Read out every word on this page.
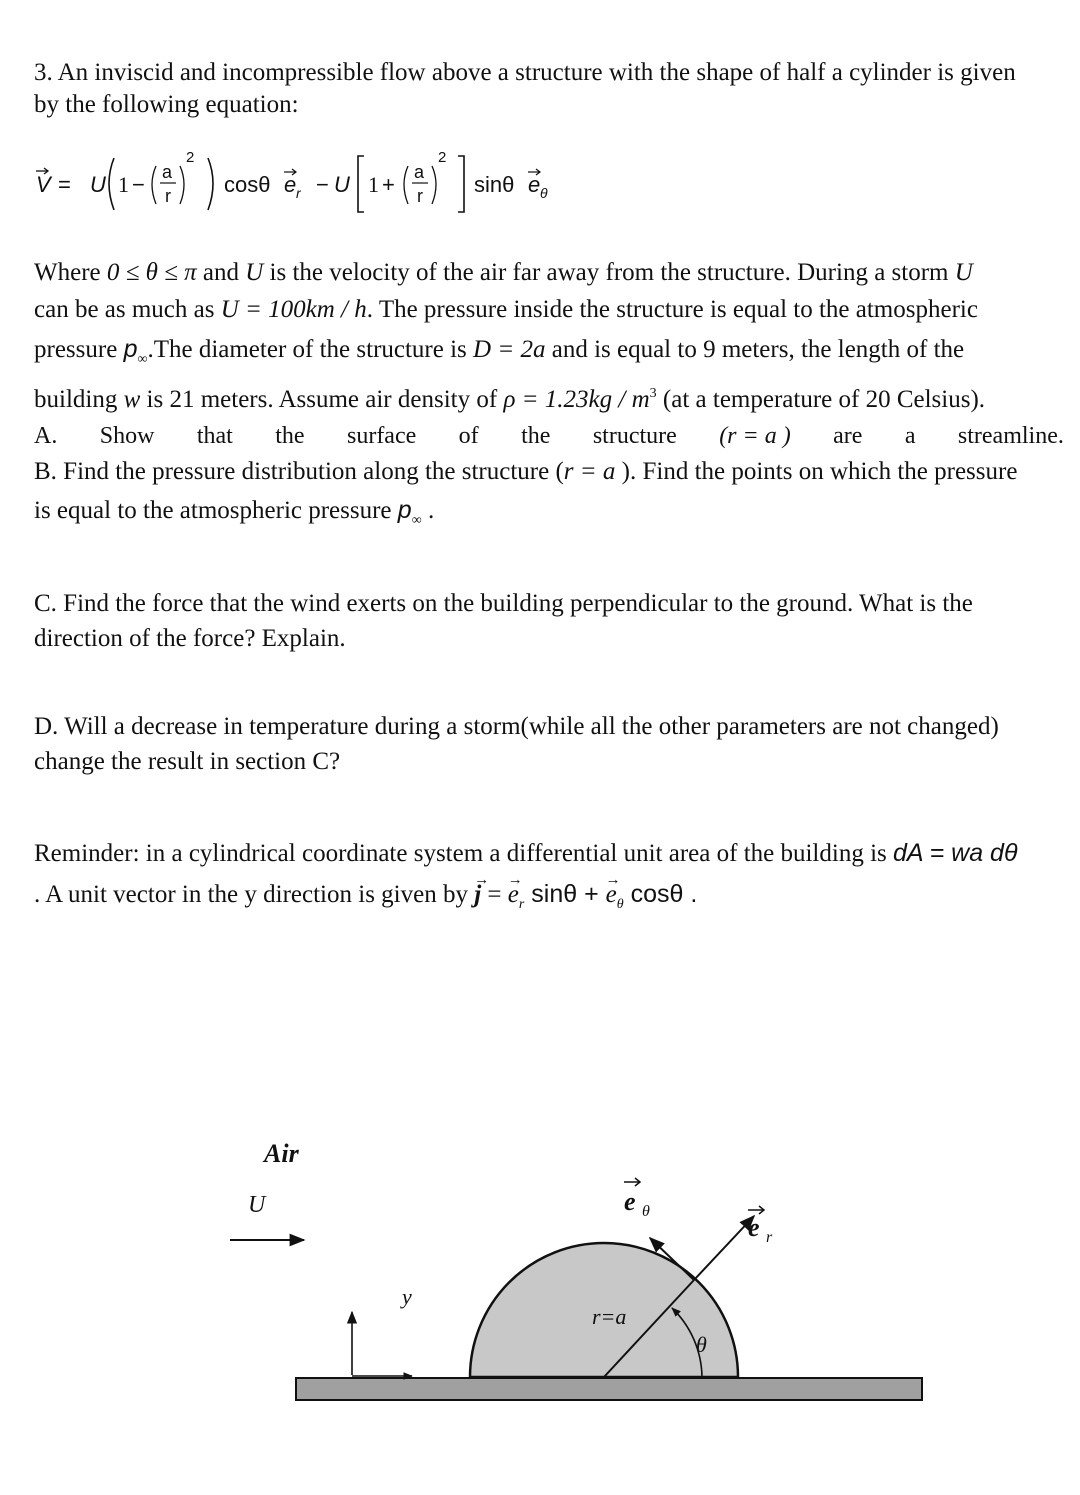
3. An inviscid and incompressible flow above a structure with the shape of half a cylinder is given
by the following equation:
V = U 1 − a
r
2
cosθ e r − U 1 + a
r
2
sinθ e θ
Where 0 ≤ θ ≤ π and U is the velocity of the air far away from the structure. During a storm U
can be as much as U = 100km / h. The pressure inside the structure is equal to the atmospheric
pressure $p_\infty.The$ diameter of the structure is D = 2a and is equal to 9 meters, the length of the
building w is 21 meters. Assume air density of $\rho = 1.23kg / m^3$ (at a temperature of 20 Celsius).
A. Show that the surface of the structure (r = a ) are a streamline.
B. Find the pressure distribution along the structure (r = a ). Find the points on which the pressure
is equal to the atmospheric pressure $p_\infty$ .
C. Find the force that the wind exerts on the building perpendicular to the ground. What is the
direction of the force? Explain.
D. Will a decrease in temperature during a storm(while all the other parameters are not changed)
change the result in section C?
Reminder: in a cylindrical coordinate system a differential unit area of the building is dA = wa dθ
. A unit vector in the y direction is given by → j = → $e_r$ sinθ + → $e_\theta$ cosθ .
Air
U
y
r=a
θ
e θ
e r
